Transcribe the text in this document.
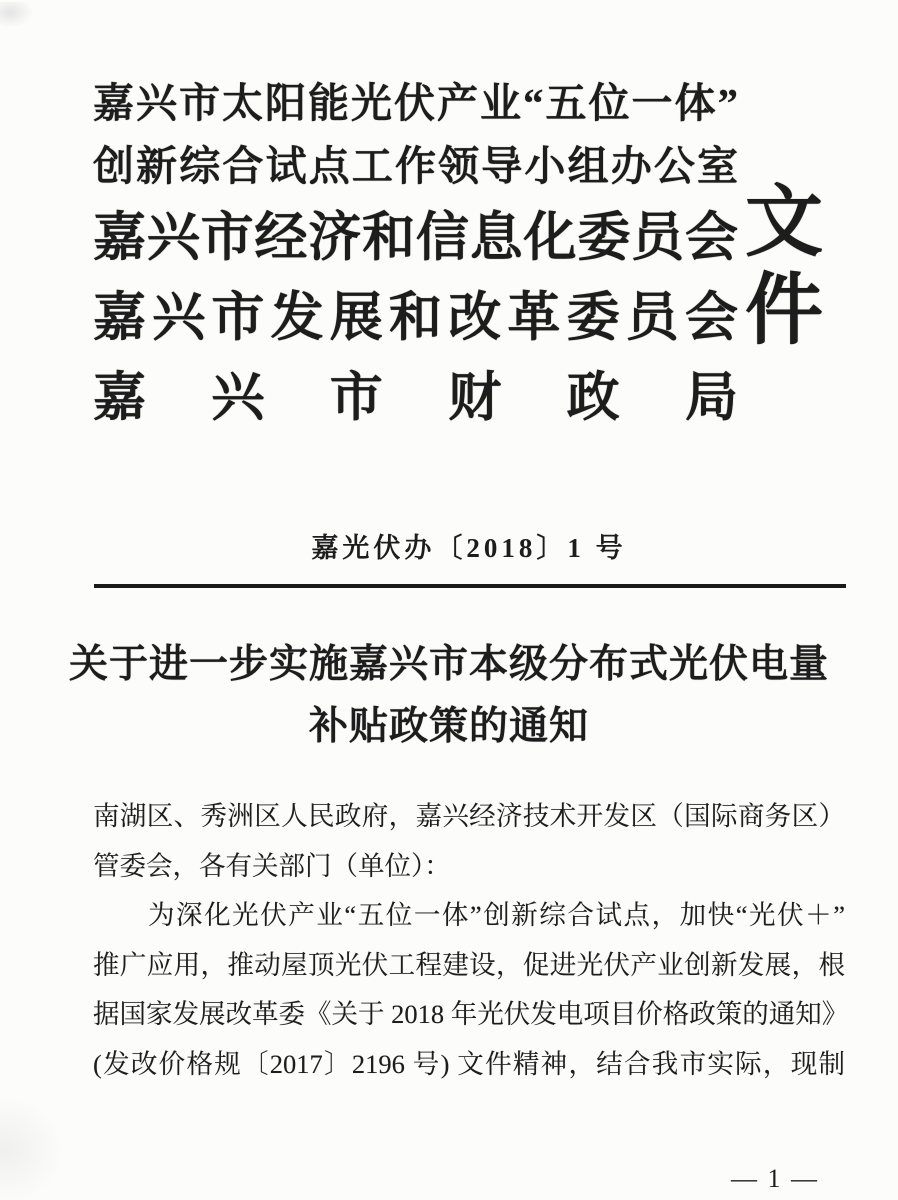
嘉兴市太阳能光伏产业“五位一体”
创新综合试点工作领导小组办公室
嘉兴市经济和信息化委员会
嘉兴市发展和改革委员会
嘉兴市财政局
文件
嘉光伏办〔2018〕1 号
关于进一步实施嘉兴市本级分布式光伏电量
补贴政策的通知
南湖区、秀洲区人民政府，嘉兴经济技术开发区（国际商务区）
管委会，各有关部门（单位）：
为深化光伏产业“五位一体”创新综合试点，加快“光伏＋”
推广应用，推动屋顶光伏工程建设，促进光伏产业创新发展，根
据国家发展改革委《关于 2018 年光伏发电项目价格政策的通知》
(发改价格规〔2017〕2196 号) 文件精神，结合我市实际，现制
— 1 —
